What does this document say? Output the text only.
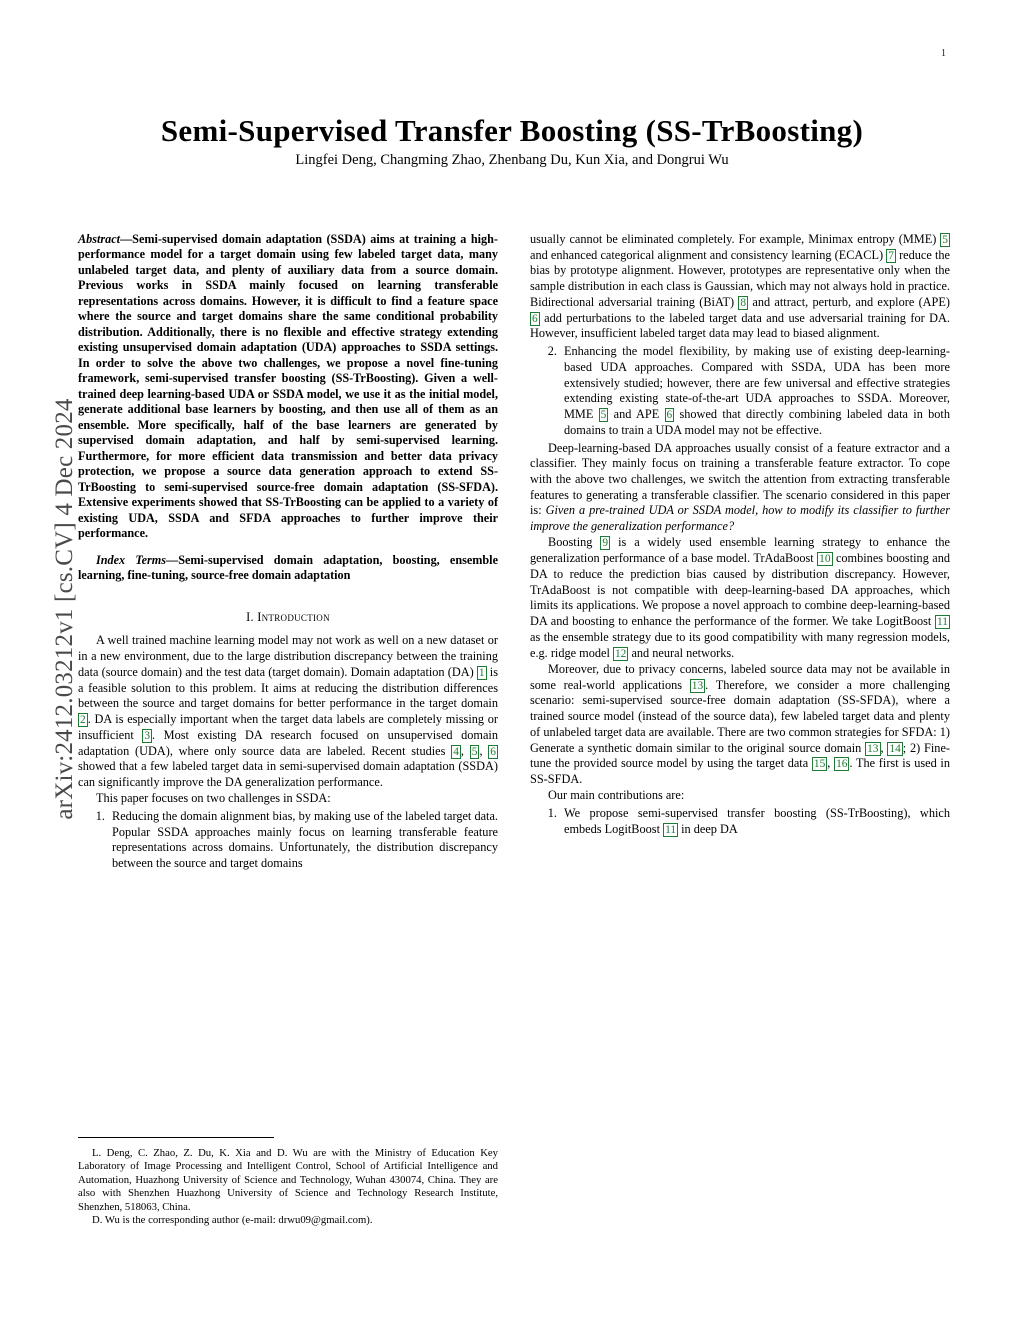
arXiv:2412.03212v1 [cs.CV] 4 Dec 2024
1
Semi-Supervised Transfer Boosting (SS-TrBoosting)
Lingfei Deng, Changming Zhao, Zhenbang Du, Kun Xia, and Dongrui Wu

Abstract—Semi-supervised domain adaptation (SSDA) aims at training a high-performance model for a target domain using few labeled target data, many unlabeled target data, and plenty of auxiliary data from a source domain. Previous works in SSDA mainly focused on learning transferable representations across domains. However, it is difficult to find a feature space where the source and target domains share the same conditional probability distribution. Additionally, there is no flexible and effective strategy extending existing unsupervised domain adaptation (UDA) approaches to SSDA settings. In order to solve the above two challenges, we propose a novel fine-tuning framework, semi-supervised transfer boosting (SS-TrBoosting). Given a well-trained deep learning-based UDA or SSDA model, we use it as the initial model, generate additional base learners by boosting, and then use all of them as an ensemble. More specifically, half of the base learners are generated by supervised domain adaptation, and half by semi-supervised learning. Furthermore, for more efficient data transmission and better data privacy protection, we propose a source data generation approach to extend SS-TrBoosting to semi-supervised source-free domain adaptation (SS-SFDA). Extensive experiments showed that SS-TrBoosting can be applied to a variety of existing UDA, SSDA and SFDA approaches to further improve their performance.

Index Terms—Semi-supervised domain adaptation, boosting, ensemble learning, fine-tuning, source-free domain adaptation

I. Introduction

A well trained machine learning model may not work as well on a new dataset or in a new environment, due to the large distribution discrepancy between the training data (source domain) and the test data (target domain). Domain adaptation (DA) 1 is a feasible solution to this problem. It aims at reducing the distribution differences between the source and target domains for better performance in the target domain 2 . DA is especially important when the target data labels are completely missing or insufficient 3 . Most existing DA research focused on unsupervised domain adaptation (UDA), where only source data are labeled. Recent studies 4 , 5 , 6 showed that a few labeled target data in semi-supervised domain adaptation (SSDA) can significantly improve the DA generalization performance.

This paper focuses on two challenges in SSDA:

1. Reducing the domain alignment bias, by making use of the labeled target data. Popular SSDA approaches mainly focus on learning transferable feature representations across domains. Unfortunately, the distribution discrepancy between the source and target domains

L. Deng, C. Zhao, Z. Du, K. Xia and D. Wu are with the Ministry of Education Key Laboratory of Image Processing and Intelligent Control, School of Artificial Intelligence and Automation, Huazhong University of Science and Technology, Wuhan 430074, China. They are also with Shenzhen Huazhong University of Science and Technology Research Institute, Shenzhen, 518063, China.

D. Wu is the corresponding author (e-mail: drwu09@gmail.com).

usually cannot be eliminated completely. For example, Minimax entropy (MME) 5 and enhanced categorical alignment and consistency learning (ECACL) 7 reduce the bias by prototype alignment. However, prototypes are representative only when the sample distribution in each class is Gaussian, which may not always hold in practice. Bidirectional adversarial training (BiAT) 8 and attract, perturb, and explore (APE) 6 add perturbations to the labeled target data and use adversarial training for DA. However, insufficient labeled target data may lead to biased alignment.

2. Enhancing the model flexibility, by making use of existing deep-learning-based UDA approaches. Compared with SSDA, UDA has been more extensively studied; however, there are few universal and effective strategies extending existing state-of-the-art UDA approaches to SSDA. Moreover, MME 5 and APE 6 showed that directly combining labeled data in both domains to train a UDA model may not be effective.

Deep-learning-based DA approaches usually consist of a feature extractor and a classifier. They mainly focus on training a transferable feature extractor. To cope with the above two challenges, we switch the attention from extracting transferable features to generating a transferable classifier. The scenario considered in this paper is: Given a pre-trained UDA or SSDA model, how to modify its classifier to further improve the generalization performance?

Boosting 9 is a widely used ensemble learning strategy to enhance the generalization performance of a base model. TrAdaBoost 10 combines boosting and DA to reduce the prediction bias caused by distribution discrepancy. However, TrAdaBoost is not compatible with deep-learning-based DA approaches, which limits its applications. We propose a novel approach to combine deep-learning-based DA and boosting to enhance the performance of the former. We take LogitBoost 11 as the ensemble strategy due to its good compatibility with many regression models, e.g. ridge model 12 and neural networks.

Moreover, due to privacy concerns, labeled source data may not be available in some real-world applications 13 . Therefore, we consider a more challenging scenario: semi-supervised source-free domain adaptation (SS-SFDA), where a trained source model (instead of the source data), few labeled target data and plenty of unlabeled target data are available. There are two common strategies for SFDA: 1) Generate a synthetic domain similar to the original source domain 13 , 14 ; 2) Fine-tune the provided source model by using the target data 15 , 16 . The first is used in SS-SFDA.

Our main contributions are:

1. We propose semi-supervised transfer boosting (SS-TrBoosting), which embeds LogitBoost 11 in deep DA
